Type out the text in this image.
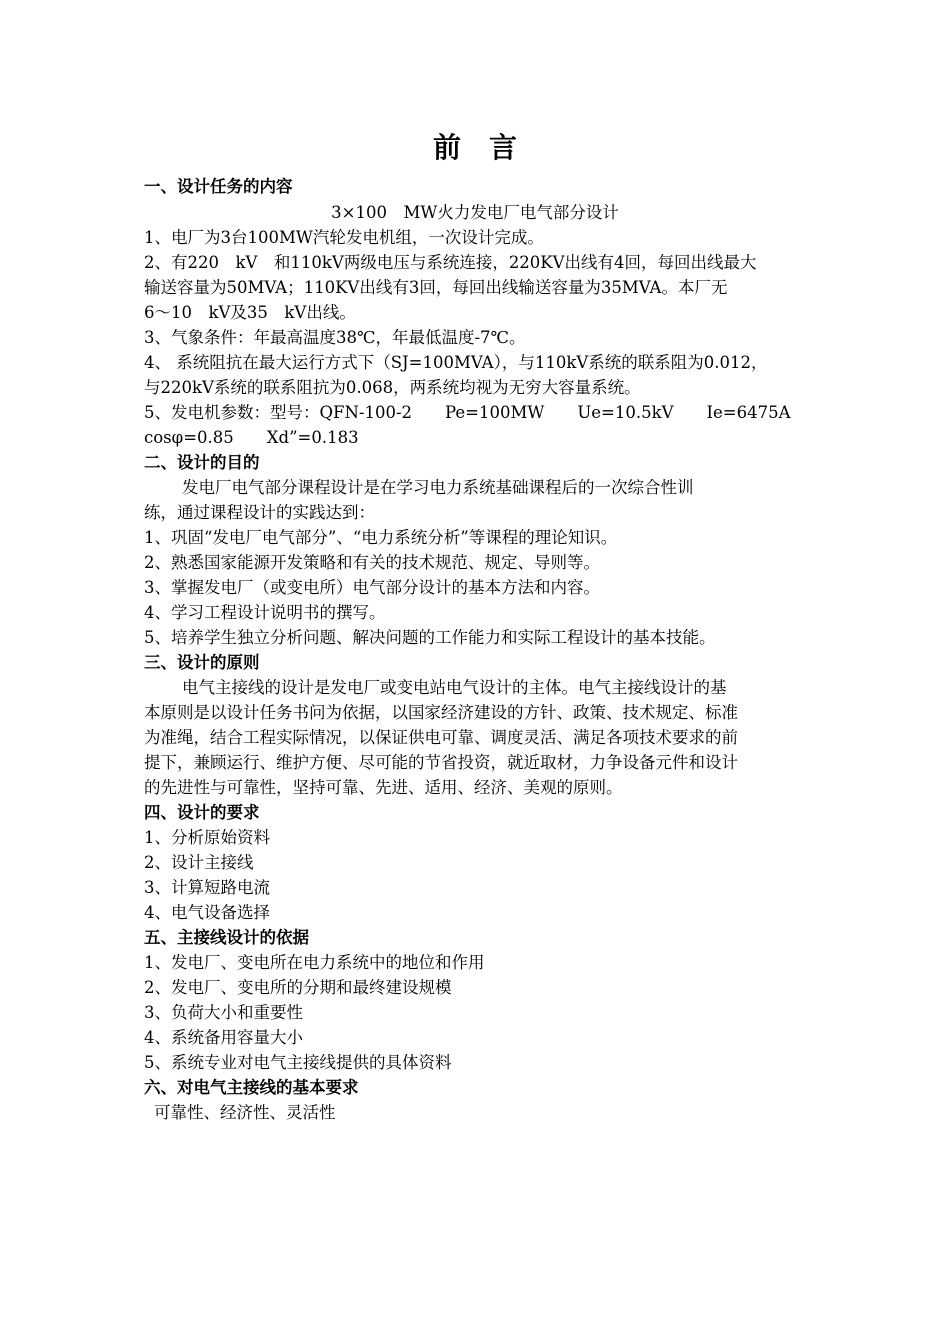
前言
一、设计任务的内容
3×100　MW火力发电厂电气部分设计
1、电厂为3台100MW汽轮发电机组，一次设计完成。
2、有220　kV　和110kV两级电压与系统连接，220KV出线有4回，每回出线最大
输送容量为50MVA；110KV出线有3回，每回出线输送容量为35MVA。本厂无
6～10　kV及35　kV出线。
3、气象条件：年最高温度38℃，年最低温度-7℃。
4、 系统阻抗在最大运行方式下（SJ=100MVA），与110kV系统的联系阻为0.012，
与220kV系统的联系阻抗为0.068，两系统均视为无穷大容量系统。
5、发电机参数：型号：QFN-100-2　　Pe=100MW　　Ue=10.5kV　　Ie=6475A
cosφ=0.85　　Xd”=0.183
二、设计的目的
发电厂电气部分课程设计是在学习电力系统基础课程后的一次综合性训
练，通过课程设计的实践达到：
1、巩固“发电厂电气部分”、“电力系统分析”等课程的理论知识。
2、熟悉国家能源开发策略和有关的技术规范、规定、导则等。
3、掌握发电厂（或变电所）电气部分设计的基本方法和内容。
4、学习工程设计说明书的撰写。
5、培养学生独立分析问题、解决问题的工作能力和实际工程设计的基本技能。
三、设计的原则
电气主接线的设计是发电厂或变电站电气设计的主体。电气主接线设计的基
本原则是以设计任务书问为依据，以国家经济建设的方针、政策、技术规定、标准
为准绳，结合工程实际情况，以保证供电可靠、调度灵活、满足各项技术要求的前
提下，兼顾运行、维护方便、尽可能的节省投资，就近取材，力争设备元件和设计
的先进性与可靠性，坚持可靠、先进、适用、经济、美观的原则。
四、设计的要求
1、分析原始资料
2、设计主接线
3、计算短路电流
4、电气设备选择
五、主接线设计的依据
1、发电厂、变电所在电力系统中的地位和作用
2、发电厂、变电所的分期和最终建设规模
3、负荷大小和重要性
4、系统备用容量大小
5、系统专业对电气主接线提供的具体资料
六、对电气主接线的基本要求
可靠性、经济性、灵活性
